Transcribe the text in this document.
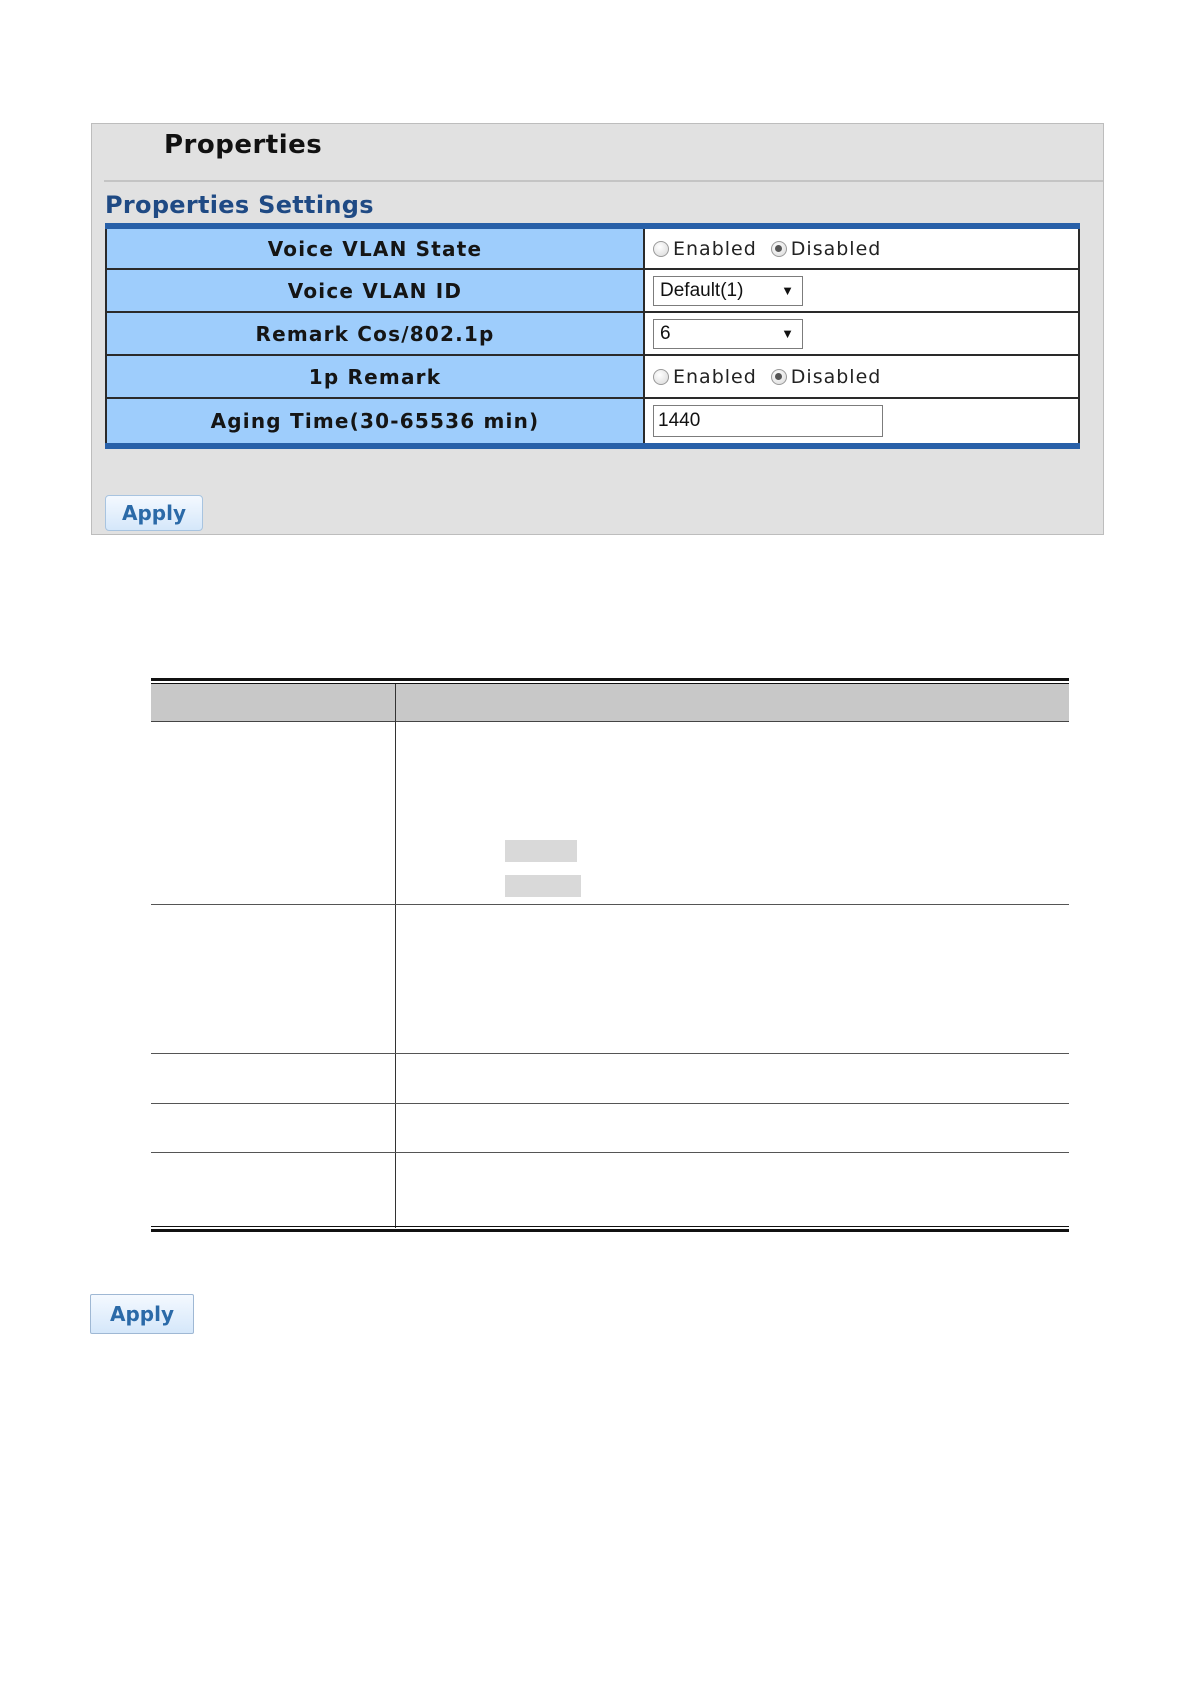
Properties
Properties Settings
Voice VLAN State	Enabled Disabled

Voice VLAN ID	Default(1) ▼

Remark Cos/802.1p	6 ▼

1p Remark	Enabled Disabled

Aging Time(30-65536 min)	1440
Apply
Apply
